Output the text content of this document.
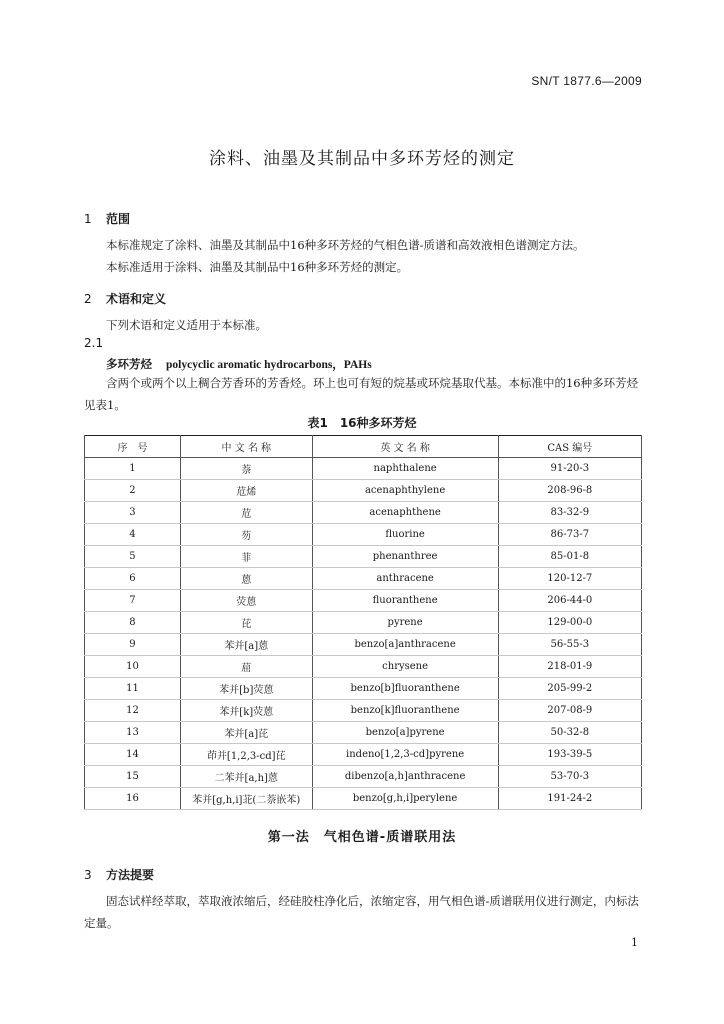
SN/T 1877.6—2009
涂料、油墨及其制品中多环芳烃的测定
1 范围
本标准规定了涂料、油墨及其制品中16种多环芳烃的气相色谱-质谱和高效液相色谱测定方法。
本标准适用于涂料、油墨及其制品中16种多环芳烃的测定。
2 术语和定义
下列术语和定义适用于本标准。
2.1
多环芳烃 polycyclic aromatic hydrocarbons，PAHs
含两个或两个以上稠合芳香环的芳香烃。环上也可有短的烷基或环烷基取代基。本标准中的16种多环芳烃见表1。
表1　16种多环芳烃
序　号	中 文 名 称	英 文 名 称	CAS 编号
1	萘	naphthalene	91-20-3
2	苊烯	acenaphthylene	208-96-8
3	苊	acenaphthene	83-32-9
4	芴	fluorine	86-73-7
5	菲	phenanthree	85-01-8
6	蒽	anthracene	120-12-7
7	荧蒽	fluoranthene	206-44-0
8	芘	pyrene	129-00-0
9	苯并[a]蒽	benzo[a]anthracene	56-55-3
10	䓛	chrysene	218-01-9
11	苯并[b]荧蒽	benzo[b]fluoranthene	205-99-2
12	苯并[k]荧蒽	benzo[k]fluoranthene	207-08-9
13	苯并[a]芘	benzo[a]pyrene	50-32-8
14	茚并[1,2,3-cd]芘	indeno[1,2,3-cd]pyrene	193-39-5
15	二苯并[a,h]蒽	dibenzo[a,h]anthracene	53-70-3
16	苯并[g,h,i]苝(二萘嵌苯)	benzo[g,h,i]perylene	191-24-2
第一法　气相色谱-质谱联用法
3 方法提要
固态试样经萃取，萃取液浓缩后，经硅胶柱净化后，浓缩定容，用气相色谱-质谱联用仪进行测定，内标法定量。
1
